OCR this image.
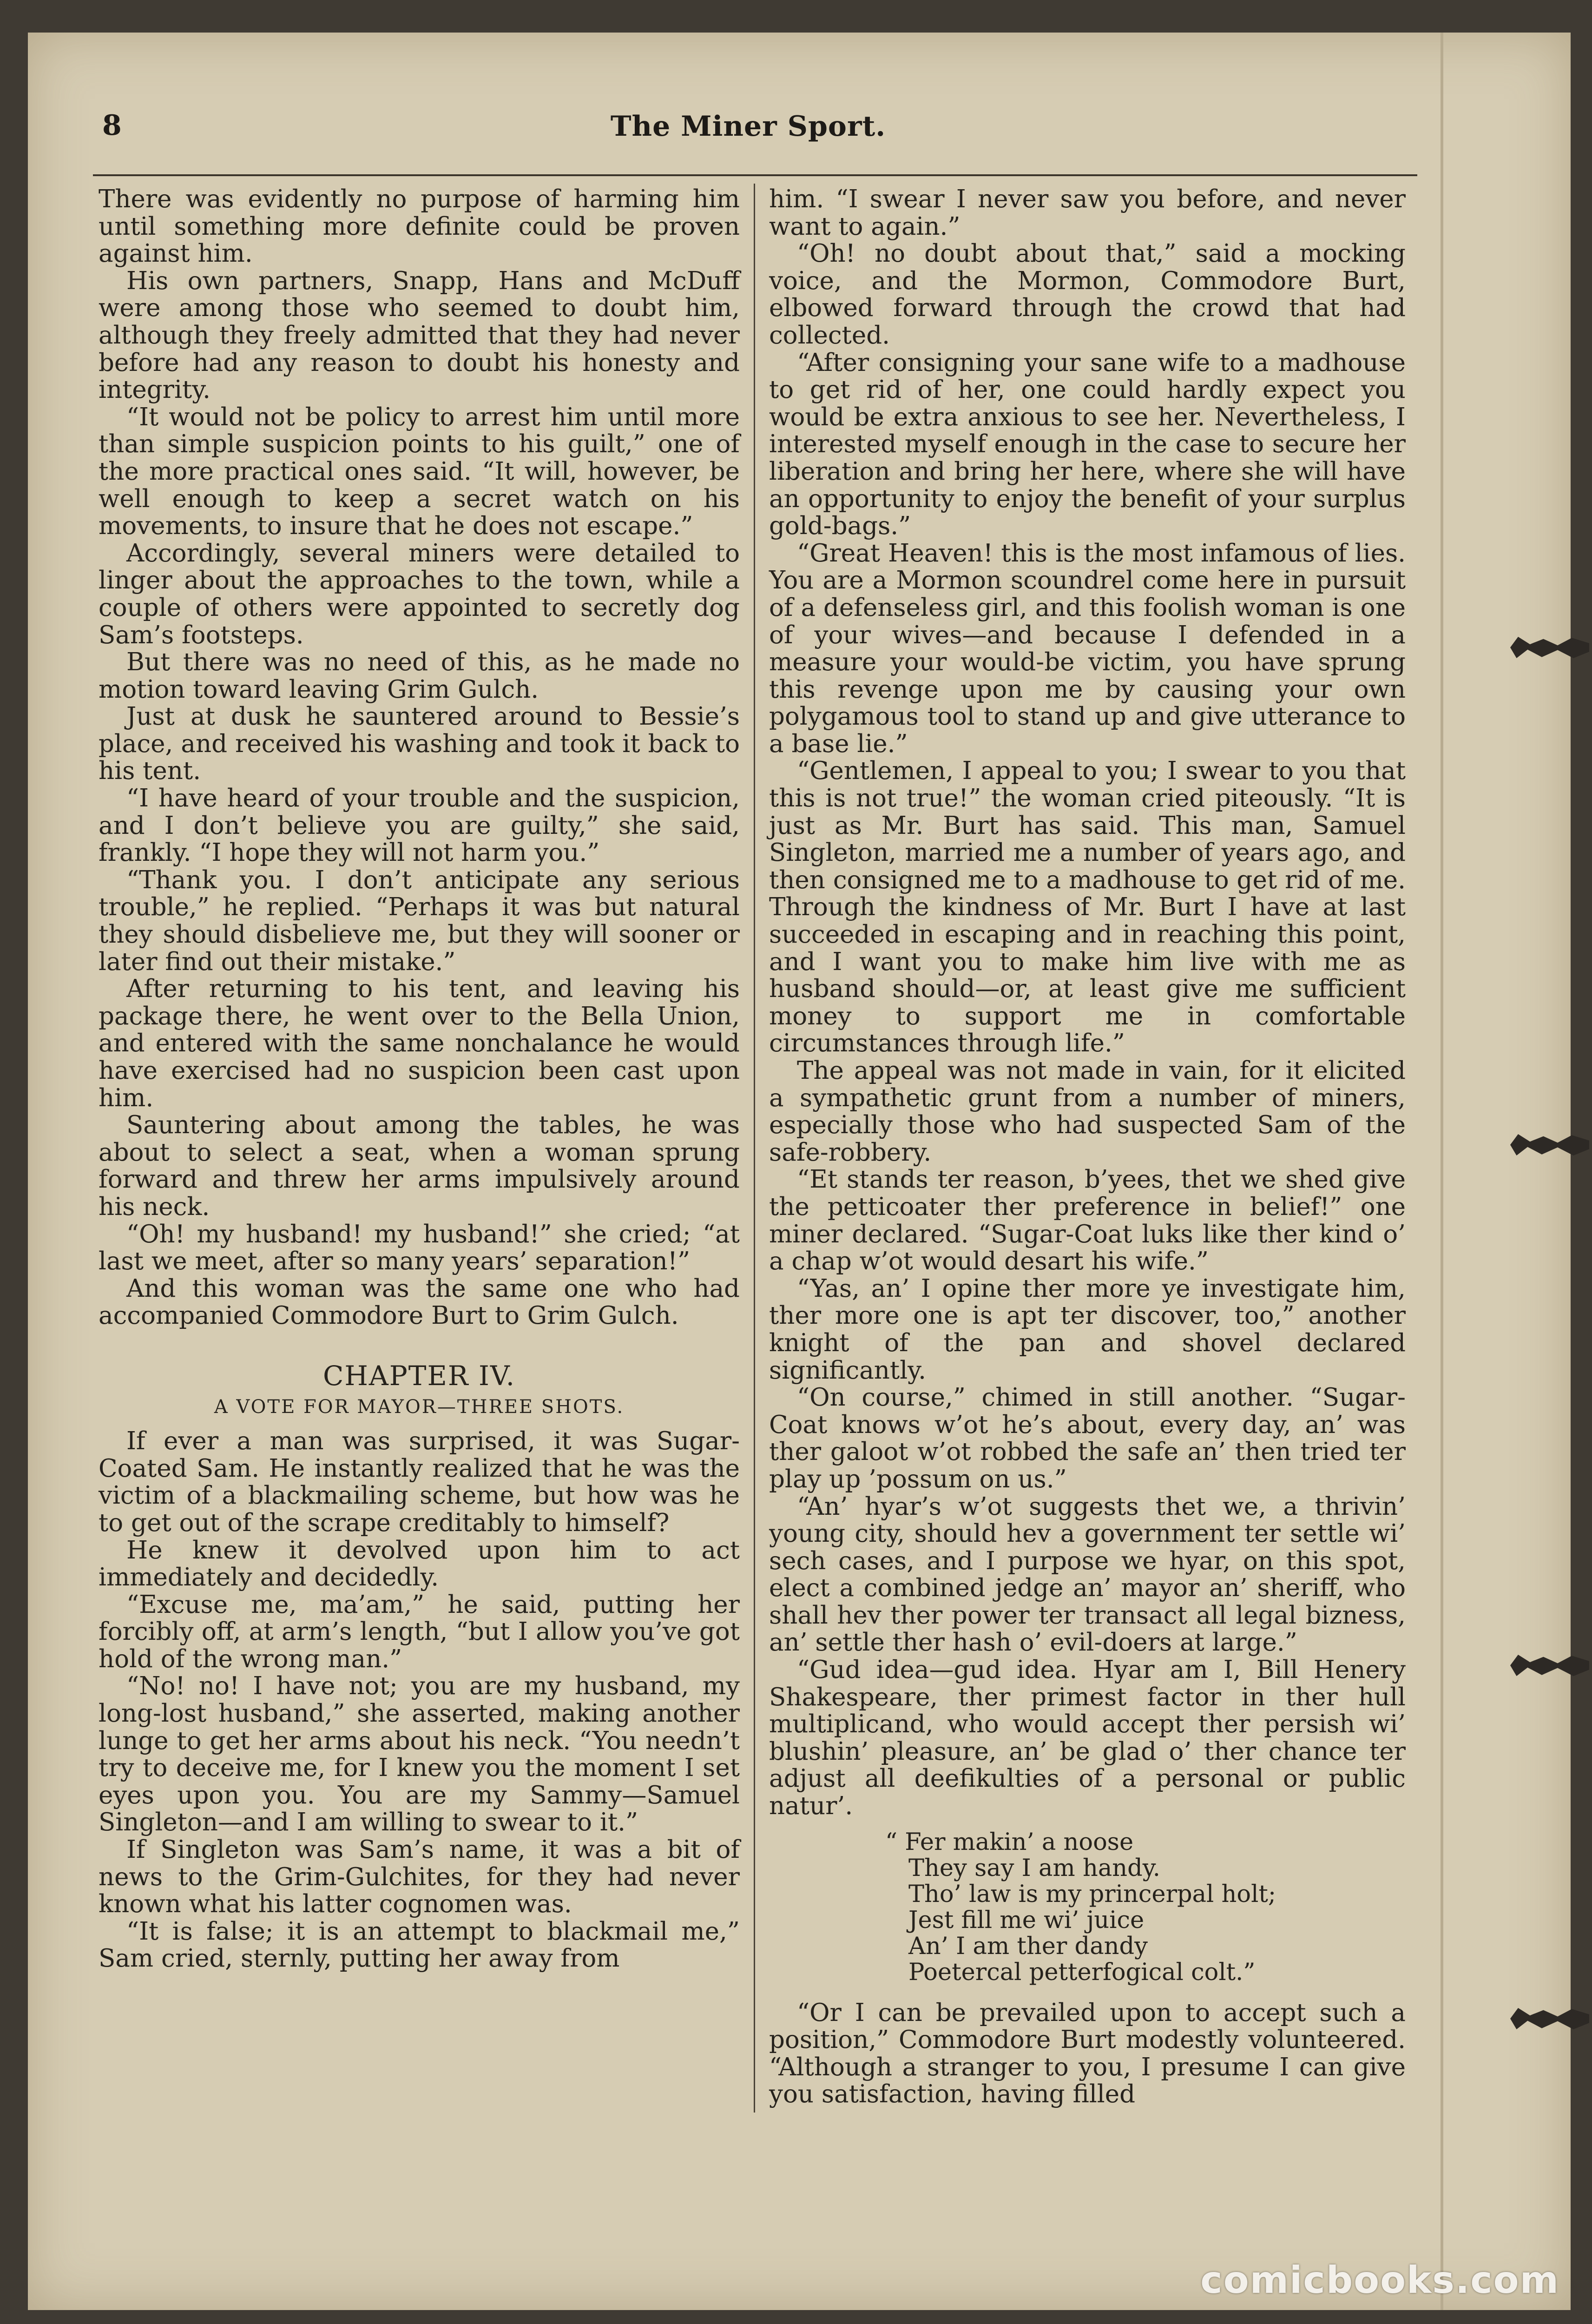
8	The Miner Sport.

There was evidently no purpose of harming him until something more definite could be proven against him.

His own partners, Snapp, Hans and McDuff were among those who seemed to doubt him, although they freely admitted that they had never before had any reason to doubt his honesty and integrity.

“It would not be policy to arrest him until more than simple suspicion points to his guilt,” one of the more practical ones said. “It will, however, be well enough to keep a secret watch on his movements, to insure that he does not escape.”

Accordingly, several miners were detailed to linger about the approaches to the town, while a couple of others were appointed to secretly dog Sam’s footsteps.

But there was no need of this, as he made no motion toward leaving Grim Gulch.

Just at dusk he sauntered around to Bessie’s place, and received his washing and took it back to his tent.

“I have heard of your trouble and the suspicion, and I don’t believe you are guilty,” she said, frankly. “I hope they will not harm you.”

“Thank you. I don’t anticipate any serious trouble,” he replied. “Perhaps it was but natural they should disbelieve me, but they will sooner or later find out their mistake.”

After returning to his tent, and leaving his package there, he went over to the Bella Union, and entered with the same nonchalance he would have exercised had no suspicion been cast upon him.

Sauntering about among the tables, he was about to select a seat, when a woman sprung forward and threw her arms impulsively around his neck.

“Oh! my husband! my husband!” she cried; “at last we meet, after so many years’ separation!”

And this woman was the same one who had accompanied Commodore Burt to Grim Gulch.

CHAPTER IV.
A VOTE FOR MAYOR—THREE SHOTS.

If ever a man was surprised, it was Sugar-Coated Sam. He instantly realized that he was the victim of a blackmailing scheme, but how was he to get out of the scrape creditably to himself?

He knew it devolved upon him to act immediately and decidedly.

“Excuse me, ma’am,” he said, putting her forcibly off, at arm’s length, “but I allow you’ve got hold of the wrong man.”

“No! no! I have not; you are my husband, my long-lost husband,” she asserted, making another lunge to get her arms about his neck. “You needn’t try to deceive me, for I knew you the moment I set eyes upon you. You are my Sammy—Samuel Singleton—and I am willing to swear to it.”

If Singleton was Sam’s name, it was a bit of news to the Grim-Gulchites, for they had never known what his latter cognomen was.

“It is false; it is an attempt to blackmail me,” Sam cried, sternly, putting her away from

him. “I swear I never saw you before, and never want to again.”

“Oh! no doubt about that,” said a mocking voice, and the Mormon, Commodore Burt, elbowed forward through the crowd that had collected.

“After consigning your sane wife to a madhouse to get rid of her, one could hardly expect you would be extra anxious to see her. Nevertheless, I interested myself enough in the case to secure her liberation and bring her here, where she will have an opportunity to enjoy the benefit of your surplus gold-bags.”

“Great Heaven! this is the most infamous of lies. You are a Mormon scoundrel come here in pursuit of a defenseless girl, and this foolish woman is one of your wives—and because I defended in a measure your would-be victim, you have sprung this revenge upon me by causing your own polygamous tool to stand up and give utterance to a base lie.”

“Gentlemen, I appeal to you; I swear to you that this is not true!” the woman cried piteously. “It is just as Mr. Burt has said. This man, Samuel Singleton, married me a number of years ago, and then consigned me to a madhouse to get rid of me. Through the kindness of Mr. Burt I have at last succeeded in escaping and in reaching this point, and I want you to make him live with me as husband should—or, at least give me sufficient money to support me in comfortable circumstances through life.”

The appeal was not made in vain, for it elicited a sympathetic grunt from a number of miners, especially those who had suspected Sam of the safe-robbery.

“Et stands ter reason, b’yees, thet we shed give the petticoater ther preference in belief!” one miner declared. “Sugar-Coat luks like ther kind o’ a chap w’ot would desart his wife.”

“Yas, an’ I opine ther more ye investigate him, ther more one is apt ter discover, too,” another knight of the pan and shovel declared significantly.

“On course,” chimed in still another. “Sugar-Coat knows w’ot he’s about, every day, an’ was ther galoot w’ot robbed the safe an’ then tried ter play up ’possum on us.”

“An’ hyar’s w’ot suggests thet we, a thrivin’ young city, should hev a government ter settle wi’ sech cases, and I purpose we hyar, on this spot, elect a combined jedge an’ mayor an’ sheriff, who shall hev ther power ter transact all legal bizness, an’ settle ther hash o’ evil-doers at large.”

“Gud idea—gud idea. Hyar am I, Bill Henery Shakespeare, ther primest factor in ther hull multiplicand, who would accept ther persish wi’ blushin’ pleasure, an’ be glad o’ ther chance ter adjust all deefikulties of a personal or public natur’.

“ Fer makin’ a noose
They say I am handy.
Tho’ law is my princerpal holt;
Jest fill me wi’ juice
An’ I am ther dandy
Poetercal petterfogical colt.”

“Or I can be prevailed upon to accept such a position,” Commodore Burt modestly volunteered. “Although a stranger to you, I presume I can give you satisfaction, having filled

comicbooks.com
